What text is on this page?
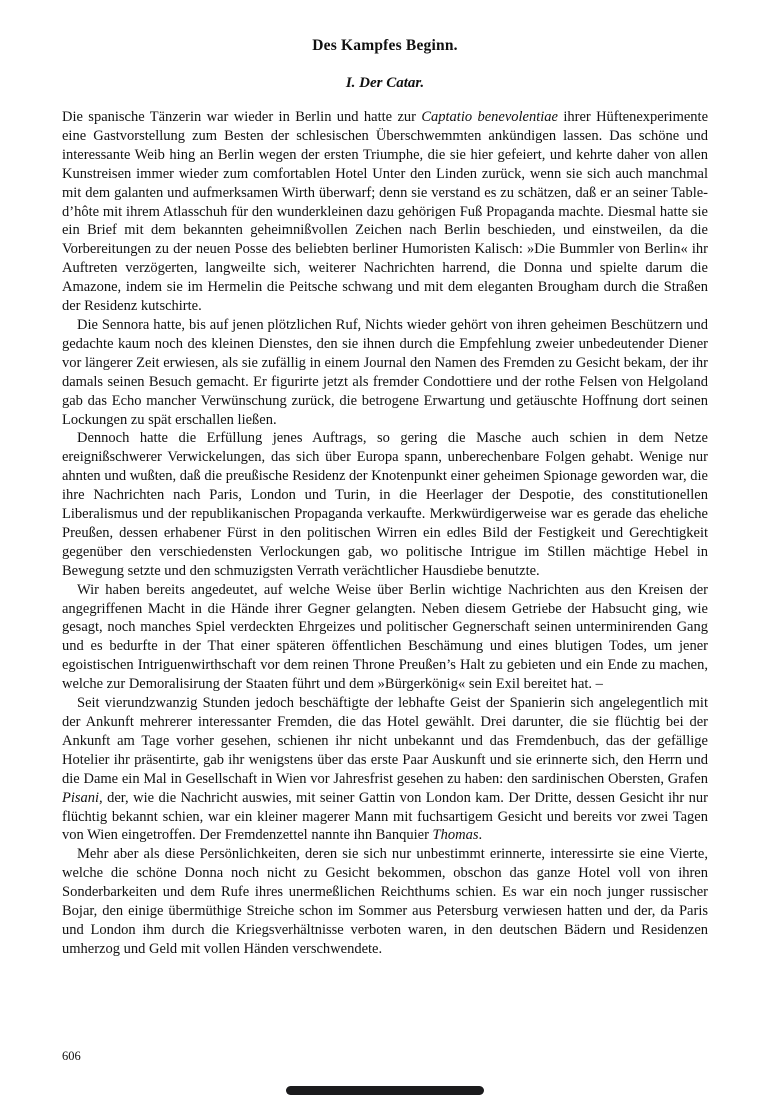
Des Kampfes Beginn.
I. Der Catar.

Die spanische Tänzerin war wieder in Berlin und hatte zur Captatio benevolentiae ihrer Hüftenexperimente eine Gastvorstellung zum Besten der schlesischen Überschwemmten ankündigen lassen. Das schöne und interessante Weib hing an Berlin wegen der ersten Triumphe, die sie hier gefeiert, und kehrte daher von allen Kunstreisen immer wieder zum comfortablen Hotel Unter den Linden zurück, wenn sie sich auch manchmal mit dem galanten und aufmerksamen Wirth überwarf; denn sie verstand es zu schätzen, daß er an seiner Table-d’hôte mit ihrem Atlasschuh für den wunderkleinen dazu gehörigen Fuß Propaganda machte. Diesmal hatte sie ein Brief mit dem bekannten geheimnißvollen Zeichen nach Berlin beschieden, und einstweilen, da die Vorbereitungen zu der neuen Posse des beliebten berliner Humoristen Kalisch: »Die Bummler von Berlin« ihr Auftreten verzögerten, langweilte sich, weiterer Nachrichten harrend, die Donna und spielte darum die Amazone, indem sie im Hermelin die Peitsche schwang und mit dem eleganten Brougham durch die Straßen der Residenz kutschirte.

Die Sennora hatte, bis auf jenen plötzlichen Ruf, Nichts wieder gehört von ihren geheimen Beschützern und gedachte kaum noch des kleinen Dienstes, den sie ihnen durch die Empfehlung zweier unbedeutender Diener vor längerer Zeit erwiesen, als sie zufällig in einem Journal den Namen des Fremden zu Gesicht bekam, der ihr damals seinen Besuch gemacht. Er figurirte jetzt als fremder Condottiere und der rothe Felsen von Helgoland gab das Echo mancher Verwünschung zurück, die betrogene Erwartung und getäuschte Hoffnung dort seinen Lockungen zu spät erschallen ließen.

Dennoch hatte die Erfüllung jenes Auftrags, so gering die Masche auch schien in dem Netze ereignißschwerer Verwickelungen, das sich über Europa spann, unberechenbare Folgen gehabt. Wenige nur ahnten und wußten, daß die preußische Residenz der Knotenpunkt einer geheimen Spionage geworden war, die ihre Nachrichten nach Paris, London und Turin, in die Heerlager der Despotie, des constitutionellen Liberalismus und der republikanischen Propaganda verkaufte. Merkwürdigerweise war es gerade das eheliche Preußen, dessen erhabener Fürst in den politischen Wirren ein edles Bild der Festigkeit und Gerechtigkeit gegenüber den verschiedensten Verlockungen gab, wo politische Intrigue im Stillen mächtige Hebel in Bewegung setzte und den schmuzigsten Verrath verächtlicher Hausdiebe benutzte.

Wir haben bereits angedeutet, auf welche Weise über Berlin wichtige Nachrichten aus den Kreisen der angegriffenen Macht in die Hände ihrer Gegner gelangten. Neben diesem Getriebe der Habsucht ging, wie gesagt, noch manches Spiel verdeckten Ehrgeizes und politischer Gegnerschaft seinen unterminirenden Gang und es bedurfte in der That einer späteren öffentlichen Beschämung und eines blutigen Todes, um jener egoistischen Intriguenwirthschaft vor dem reinen Throne Preußen’s Halt zu gebieten und ein Ende zu machen, welche zur Demoralisirung der Staaten führt und dem »Bürgerkönig« sein Exil bereitet hat. –

Seit vierundzwanzig Stunden jedoch beschäftigte der lebhafte Geist der Spanierin sich angelegentlich mit der Ankunft mehrerer interessanter Fremden, die das Hotel gewählt. Drei darunter, die sie flüchtig bei der Ankunft am Tage vorher gesehen, schienen ihr nicht unbekannt und das Fremdenbuch, das der gefällige Hotelier ihr präsentirte, gab ihr wenigstens über das erste Paar Auskunft und sie erinnerte sich, den Herrn und die Dame ein Mal in Gesellschaft in Wien vor Jahresfrist gesehen zu haben: den sardinischen Obersten, Grafen Pisani, der, wie die Nachricht auswies, mit seiner Gattin von London kam. Der Dritte, dessen Gesicht ihr nur flüchtig bekannt schien, war ein kleiner magerer Mann mit fuchsartigem Gesicht und bereits vor zwei Tagen von Wien eingetroffen. Der Fremdenzettel nannte ihn Banquier Thomas.

Mehr aber als diese Persönlichkeiten, deren sie sich nur unbestimmt erinnerte, interessirte sie eine Vierte, welche die schöne Donna noch nicht zu Gesicht bekommen, obschon das ganze Hotel voll von ihren Sonderbarkeiten und dem Rufe ihres unermeßlichen Reichthums schien. Es war ein noch junger russischer Bojar, den einige übermüthige Streiche schon im Sommer aus Petersburg verwiesen hatten und der, da Paris und London ihm durch die Kriegsverhältnisse verboten waren, in den deutschen Bädern und Residenzen umherzog und Geld mit vollen Händen verschwendete.

606
